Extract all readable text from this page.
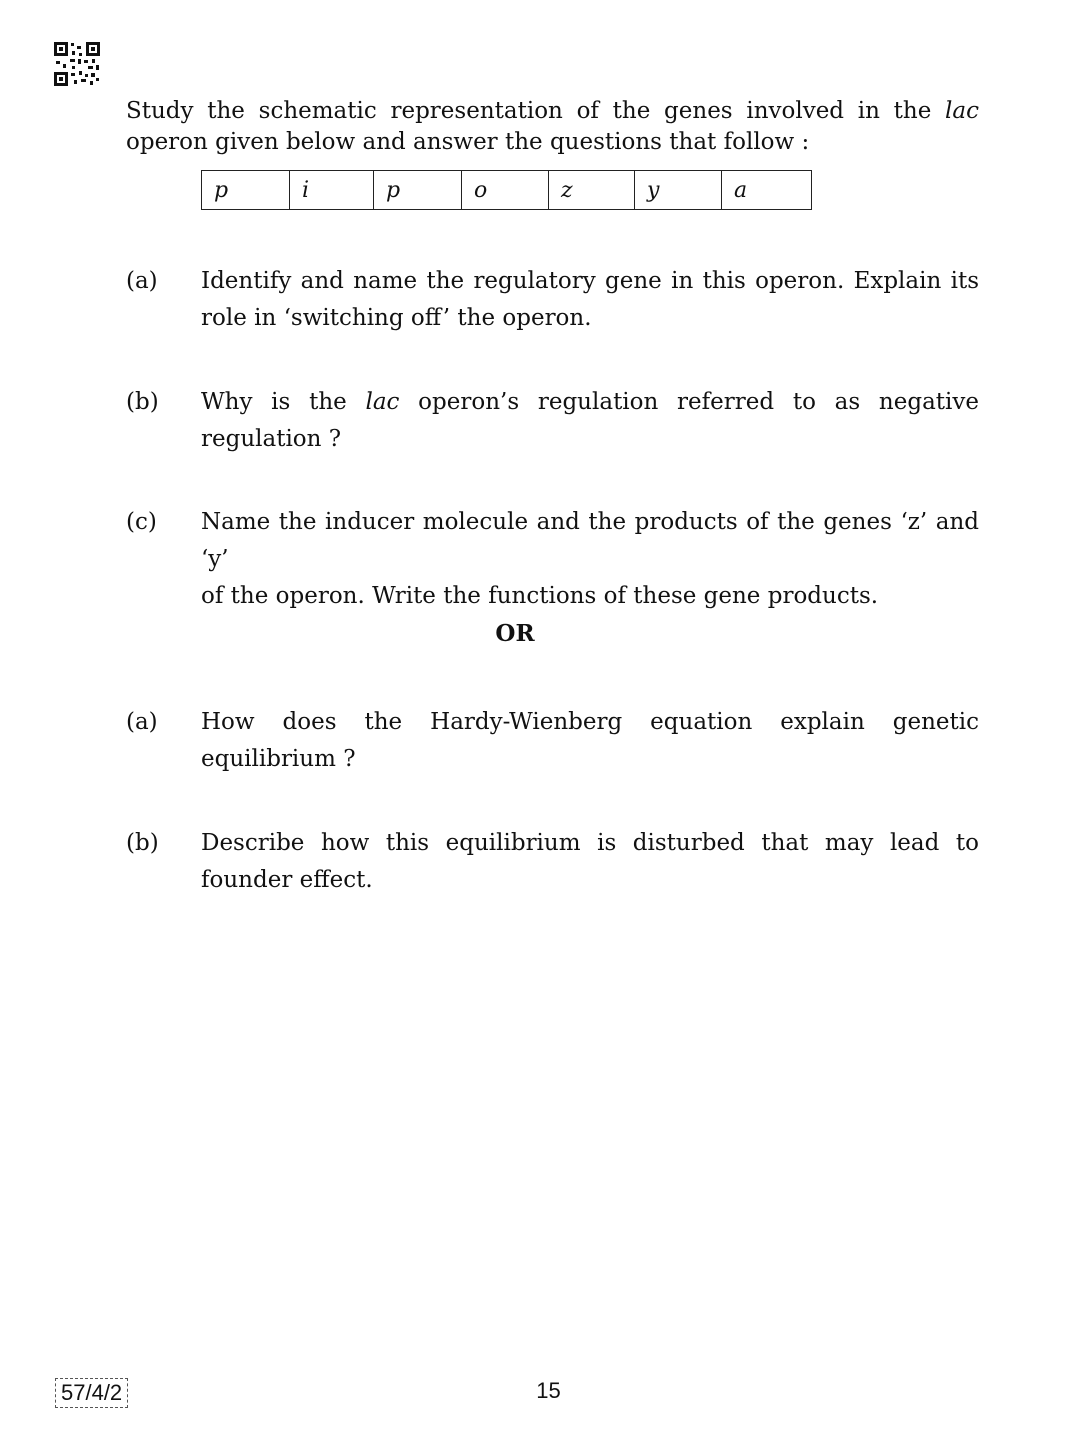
Study the schematic representation of the genes involved in the lac
operon given below and answer the questions that follow :
p	i	p	o	z	y	a
(a)	Identify and name the regulatory gene in this operon. Explain its
role in ‘switching off’ the operon.
(b)	Why is the lac operon’s regulation referred to as negative
regulation ?
(c)	Name the inducer molecule and the products of the genes ‘z’ and ‘y’
of the operon. Write the functions of these gene products.
OR
(a)	How does the Hardy-Wienberg equation explain genetic
equilibrium ?
(b)	Describe how this equilibrium is disturbed that may lead to
founder effect.
57/4/2	15
